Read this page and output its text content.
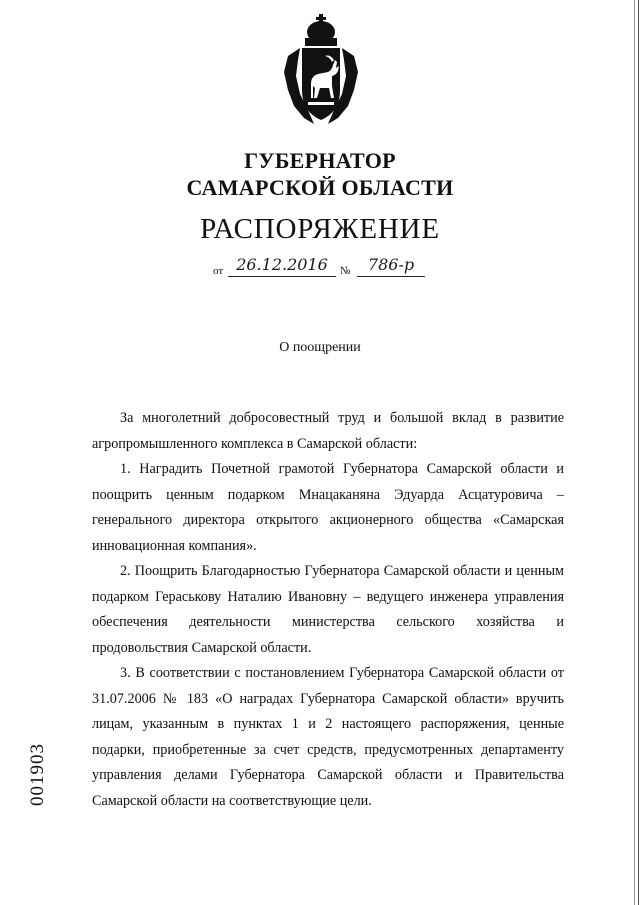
ГУБЕРНАТОР
САМАРСКОЙ ОБЛАСТИ
РАСПОРЯЖЕНИЕ
от 26.12.2016	№	786-р
О поощрении

За многолетний добросовестный труд и большой вклад в развитие агропромышленного комплекса в Самарской области:

1. Наградить Почетной грамотой Губернатора Самарской области и поощрить ценным подарком Мнацаканяна Эдуарда Асцатуровича – генерального директора открытого акционерного общества «Самарская инновационная компания».

2. Поощрить Благодарностью Губернатора Самарской области и ценным подарком Гераськову Наталию Ивановну – ведущего инженера управления обеспечения деятельности министерства сельского хозяйства и продовольствия Самарской области.

3. В соответствии с постановлением Губернатора Самарской области от 31.07.2006 № 183 «О наградах Губернатора Самарской области» вручить лицам, указанным в пунктах 1 и 2 настоящего распоряжения, ценные подарки, приобретенные за счет средств, предусмотренных департаменту управления делами Губернатора Самарской области и Правительства Самарской области на соответствующие цели.

001903
